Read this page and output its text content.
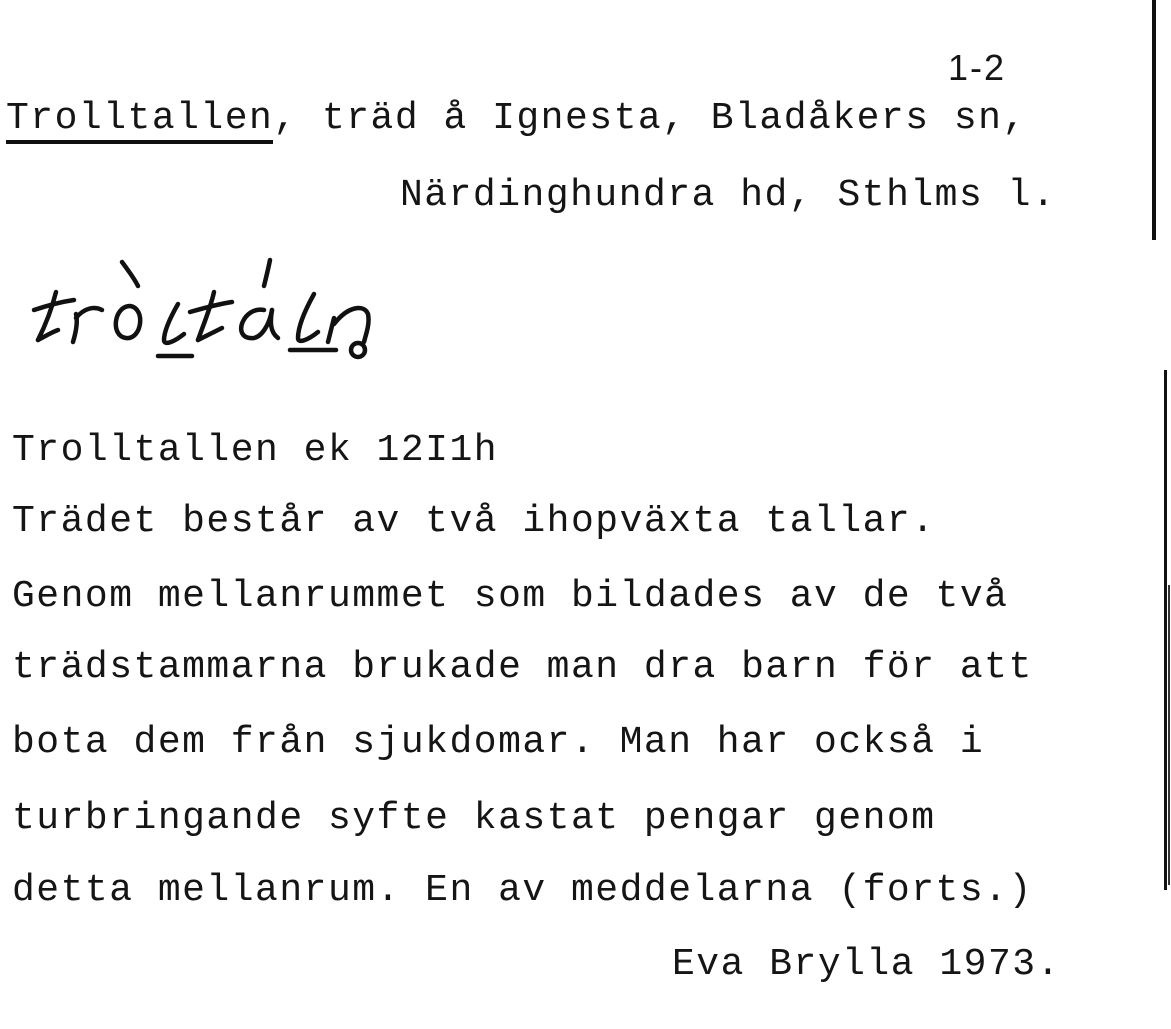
1-2
Trolltallen, träd å Ignesta, Bladåkers sn,
Närdinghundra hd, Sthlms l.
Trolltallen ek 12I1h
Trädet består av två ihopväxta tallar.
Genom mellanrummet som bildades av de två
trädstammarna brukade man dra barn för att
bota dem från sjukdomar. Man har också i
turbringande syfte kastat pengar genom
detta mellanrum. En av meddelarna (forts.)
Eva Brylla 1973.
